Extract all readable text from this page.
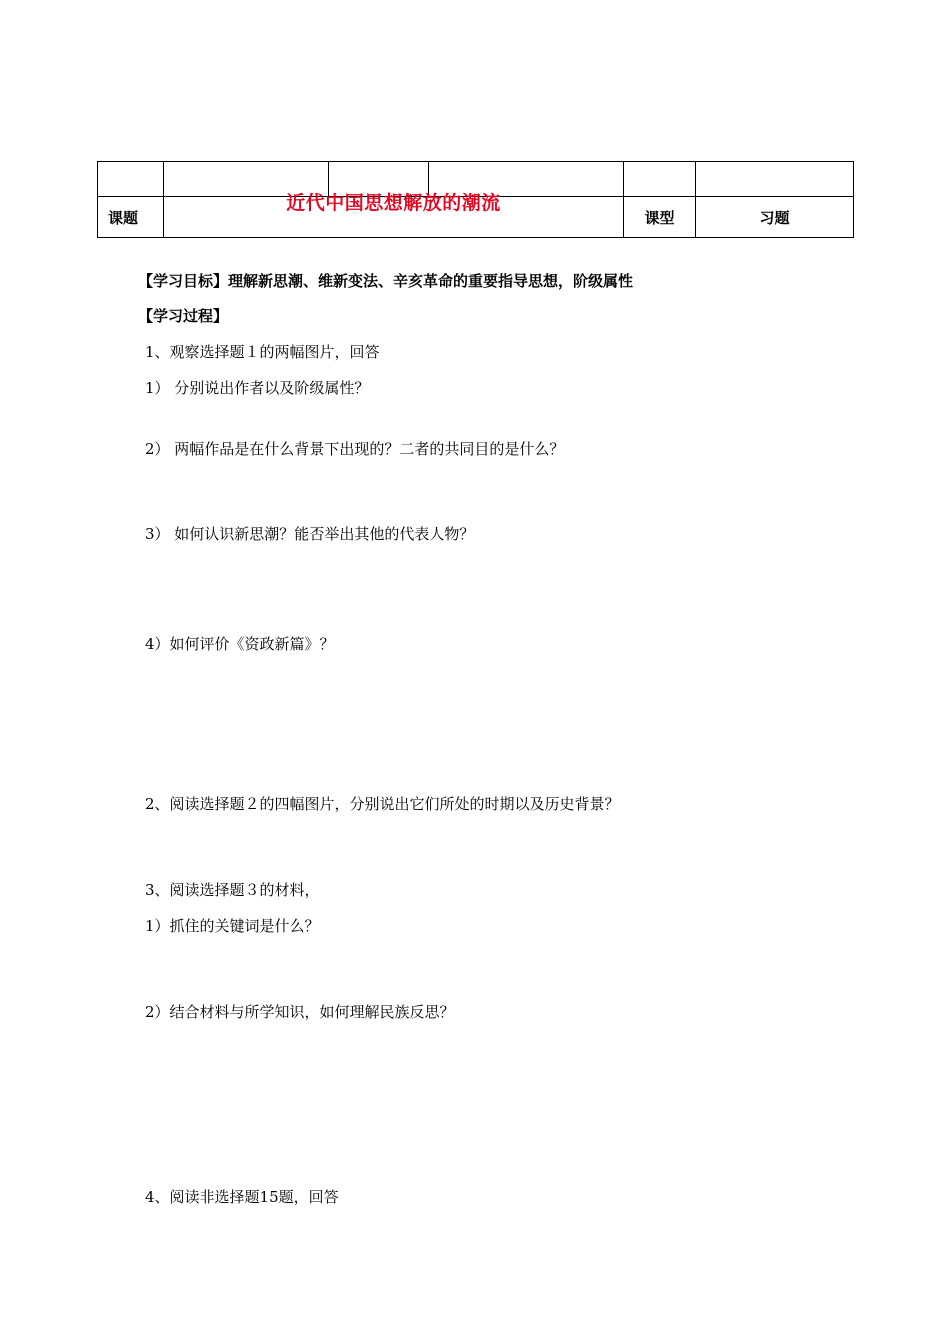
课题	近代中国思想解放的潮流			课型	习题
【学习目标】理解新思潮、维新变法、辛亥革命的重要指导思想，阶级属性
【学习过程】
1、观察选择题１的两幅图片，回答
1） 分别说出作者以及阶级属性？
2） 两幅作品是在什么背景下出现的？二者的共同目的是什么？
3） 如何认识新思潮？能否举出其他的代表人物？
4）如何评价《资政新篇》？
2、阅读选择题２的四幅图片，分别说出它们所处的时期以及历史背景？
3、阅读选择题３的材料，
1）抓住的关键词是什么？
2）结合材料与所学知识，如何理解民族反思？
4、阅读非选择题15题，回答
